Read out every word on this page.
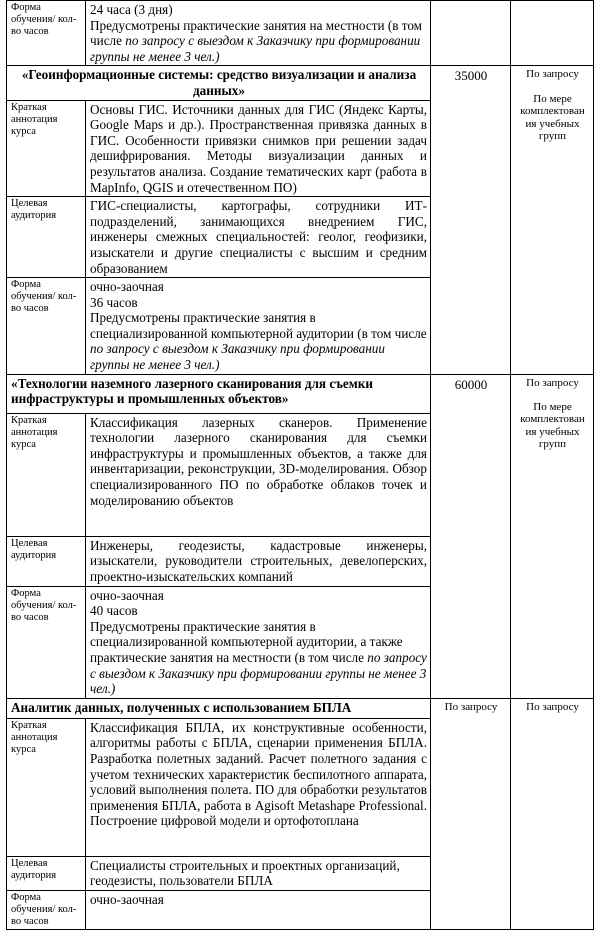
Форма обучения/ кол-во часов	24 часа (3 дня)
Предусмотрены практические занятия на местности (в том числе по запросу с выездом к Заказчику при формировании группы не менее 3 чел.)		

«Геоинформационные системы: средство визуализации и анализа данных»		35000	По запросу
По мере комплектован ия учебных групп
Краткая аннотация курса	Основы ГИС. Источники данных для ГИС (Яндекс Карты, Google Maps и др.). Пространственная привязка данных в ГИС. Особенности привязки снимков при решении задач дешифрирования. Методы визуализации данных и результатов анализа. Создание тематических карт (работа в MapInfo, QGIS и отечественном ПО)		
Целевая аудитория	ГИС-специалисты, картографы, сотрудники ИТ-подразделений, занимающихся внедрением ГИС, инженеры смежных специальностей: геолог, геофизики, изыскатели и другие специалисты с высшим и средним образованием		
Форма обучения/ кол-во часов	очно-заочная
36 часов
Предусмотрены практические занятия в специализированной компьютерной аудитории (в том числе по запросу с выездом к Заказчику при формировании группы не менее 3 чел.)		

«Технологии наземного лазерного сканирования для съемки инфраструктуры и промышленных объектов»		60000	По запросу
По мере комплектован ия учебных групп
Краткая аннотация курса	Классификация лазерных сканеров. Применение технологии лазерного сканирования для съемки инфраструктуры и промышленных объектов, а также для инвентаризации, реконструкции, 3D-моделирования. Обзор специализированного ПО по обработке облаков точек и моделированию объектов		
Целевая аудитория	Инженеры, геодезисты, кадастровые инженеры, изыскатели, руководители строительных, девелоперских, проектно-изыскательских компаний		
Форма обучения/ кол-во часов	очно-заочная
40 часов
Предусмотрены практические занятия в специализированной компьютерной аудитории, а также практические занятия на местности (в том числе по запросу с выездом к Заказчику при формировании группы не менее 3 чел.)		

Аналитик данных, полученных с использованием БПЛА		По запросу	По запросу
Краткая аннотация курса	Классификация БПЛА, их конструктивные особенности, алгоритмы работы с БПЛА, сценарии применения БПЛА. Разработка полетных заданий. Расчет полетного задания с учетом технических характеристик беспилотного аппарата, условий выполнения полета. ПО для обработки результатов применения БПЛА, работа в Agisoft Metashape Professional. Построение цифровой модели и ортофотоплана		
Целевая аудитория	Специалисты строительных и проектных организаций, геодезисты, пользователи БПЛА		
Форма обучения/ кол-во часов	очно-заочная		
